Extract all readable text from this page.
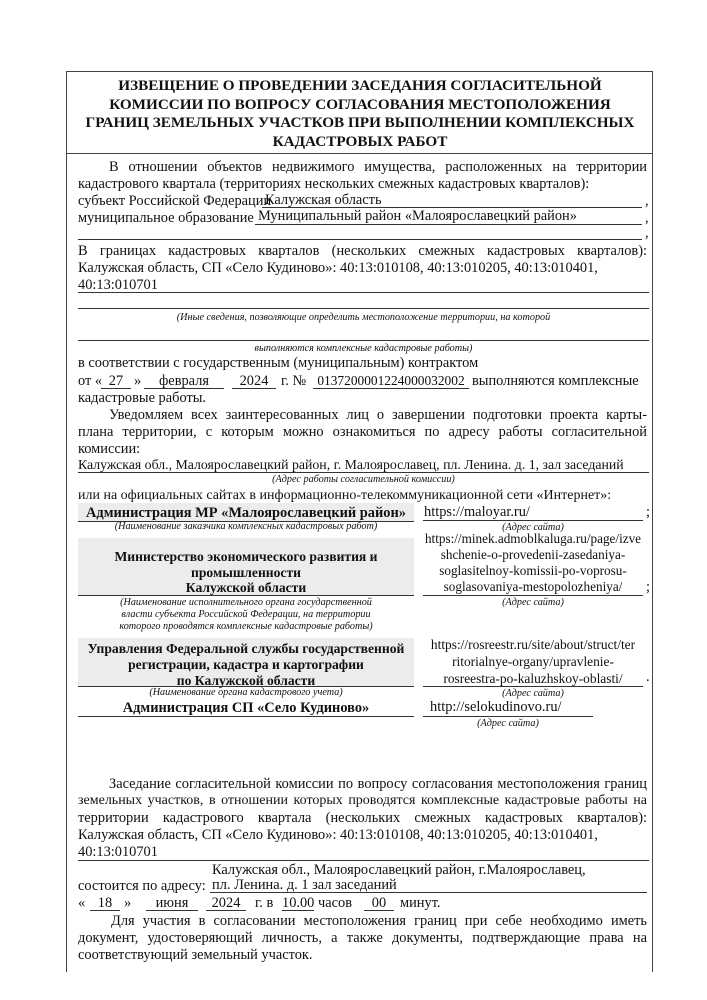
ИЗВЕЩЕНИЕ О ПРОВЕДЕНИИ ЗАСЕДАНИЯ СОГЛАСИТЕЛЬНОЙ
КОМИССИИ ПО ВОПРОСУ СОГЛАСОВАНИЯ МЕСТОПОЛОЖЕНИЯ
ГРАНИЦ ЗЕМЕЛЬНЫХ УЧАСТКОВ ПРИ ВЫПОЛНЕНИИ КОМПЛЕКСНЫХ
КАДАСТРОВЫХ РАБОТ
В отношении объектов недвижимого имущества, расположенных на территории
кадастрового квартала (территориях нескольких смежных кадастровых кварталов):
субъект Российской Федерации
Калужская область	,
муниципальное образование Муниципальный район «Малоярославецкий район»	,
,
В границах кадастровых кварталов (нескольких смежных кадастровых кварталов):
Калужская область, СП «Село Кудиново»: 40:13:010108, 40:13:010205, 40:13:010401,
40:13:010701
(Иные сведения, позволяющие определить местоположение территории, на которой
выполняются комплексные кадастровые работы)
в соответствии с государственным (муниципальным) контрактом
от « 27 »	февраля	2024 г. № 0137200001224000032002 выполняются комплексные
кадастровые работы.
Уведомляем всех заинтересованных лиц о завершении подготовки проекта карты-
плана территории, с которым можно ознакомиться по адресу работы согласительной
комиссии:
Калужская обл., Малоярославецкий район, г. Малоярославец, пл. Ленина. д. 1, зал заседаний
(Адрес работы согласительной комиссии)
или на официальных сайтах в информационно-телекоммуникационной сети «Интернет»:
Администрация МР «Малоярославецкий район»
(Наименование заказчика комплексных кадастровых работ)
https://maloyar.ru/	;
(Адрес сайта)
Министерство экономического развития и
промышленности
Калужской области
(Наименование исполнительного органа государственной
власти субъекта Российской Федерации, на территории
которого проводятся комплексные кадастровые работы)
https://minek.admoblkaluga.ru/page/izve
shchenie-o-provedenii-zasedaniya-
soglasitelnoy-komissii-po-voprosu-
soglasovaniya-mestopolozheniya/	;
(Адрес сайта)
Управления Федеральной службы государственной
регистрации, кадастра и картографии
по Калужской области
(Наименование органа кадастрового учета)
https://rosreestr.ru/site/about/struct/ter
ritorialnye-organy/upravlenie-
rosreestra-po-kaluzhskoy-oblasti/	.
(Адрес сайта)
Администрация СП «Село Кудиново»	http://selokudinovo.ru/
(Адрес сайта)
Заседание согласительной комиссии по вопросу согласования местоположения границ
земельных участков, в отношении которых проводятся комплексные кадастровые работы на
территории кадастрового квартала (нескольких смежных кадастровых кварталов):
Калужская область, СП «Село Кудиново»: 40:13:010108, 40:13:010205, 40:13:010401,
40:13:010701
Калужская обл., Малоярославецкий район, г.Малоярославец,
состоится по адресу: пл. Ленина. д. 1 зал заседаний
« 18 »	июня	2024	г. в 10.00 часов	00 минут.
Для участия в согласовании местоположения границ при себе необходимо иметь
документ, удостоверяющий личность, а также документы, подтверждающие права на
соответствующий земельный участок.
